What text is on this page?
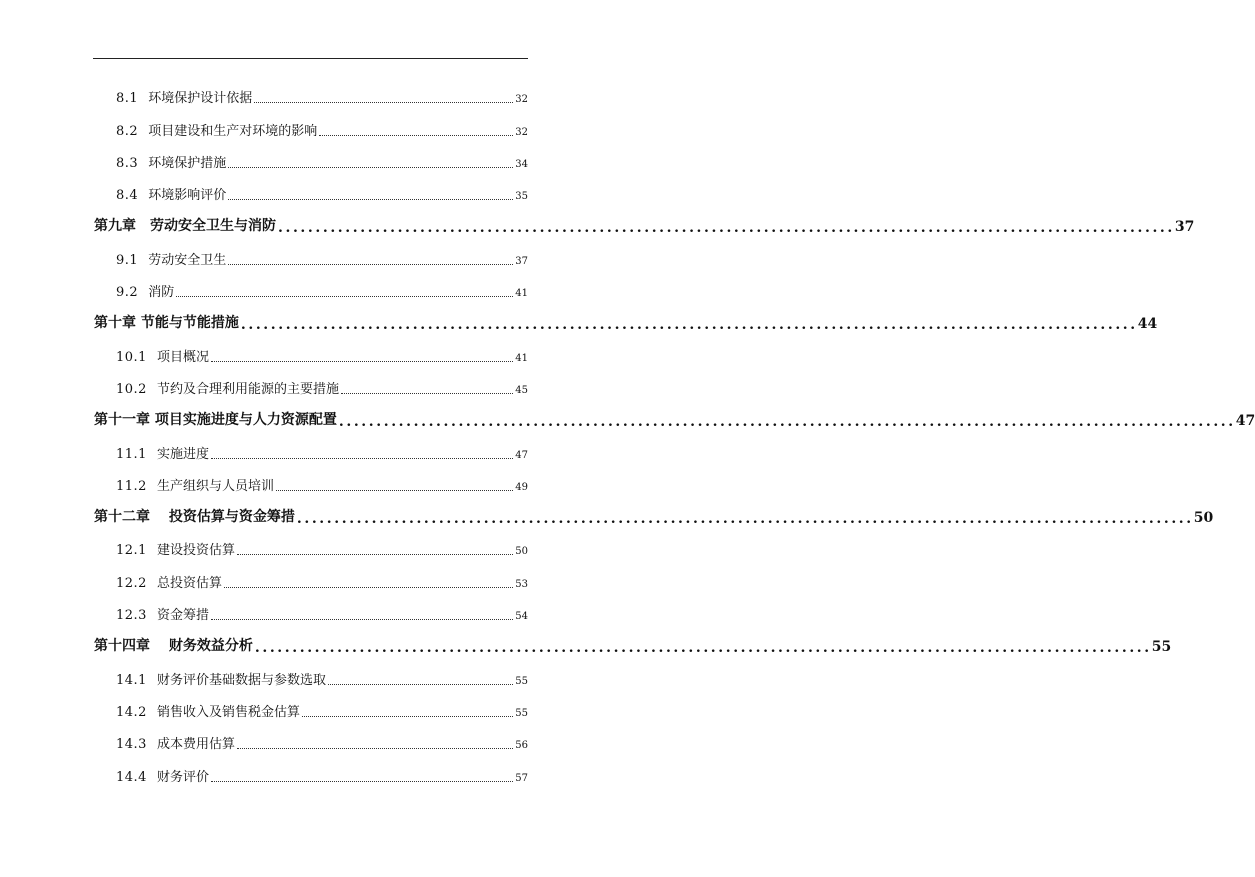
8.1 环境保护设计依据	32
8.2 项目建设和生产对环境的影响	32
8.3 环境保护措施	34
8.4 环境影响评价	35
第九章　劳动安全卫生与消防 ........................................................................................................................ 37
9.1 劳动安全卫生	37
9.2 消防	41
第十章 节能与节能措施 ........................................................................................................................ 44
10.1 项目概况	41
10.2 节约及合理利用能源的主要措施	45
第十一章 项目实施进度与人力资源配置 ........................................................................................................................ 47
11.1 实施进度	47
11.2 生产组织与人员培训	49
第十二章　 投资估算与资金筹措 ........................................................................................................................ 50
12.1 建设投资估算	50
12.2 总投资估算	53
12.3 资金筹措	54
第十四章　 财务效益分析 ........................................................................................................................ 55
14.1 财务评价基础数据与参数选取	55
14.2 销售收入及销售税金估算	55
14.3 成本费用估算	56
14.4 财务评价	57
